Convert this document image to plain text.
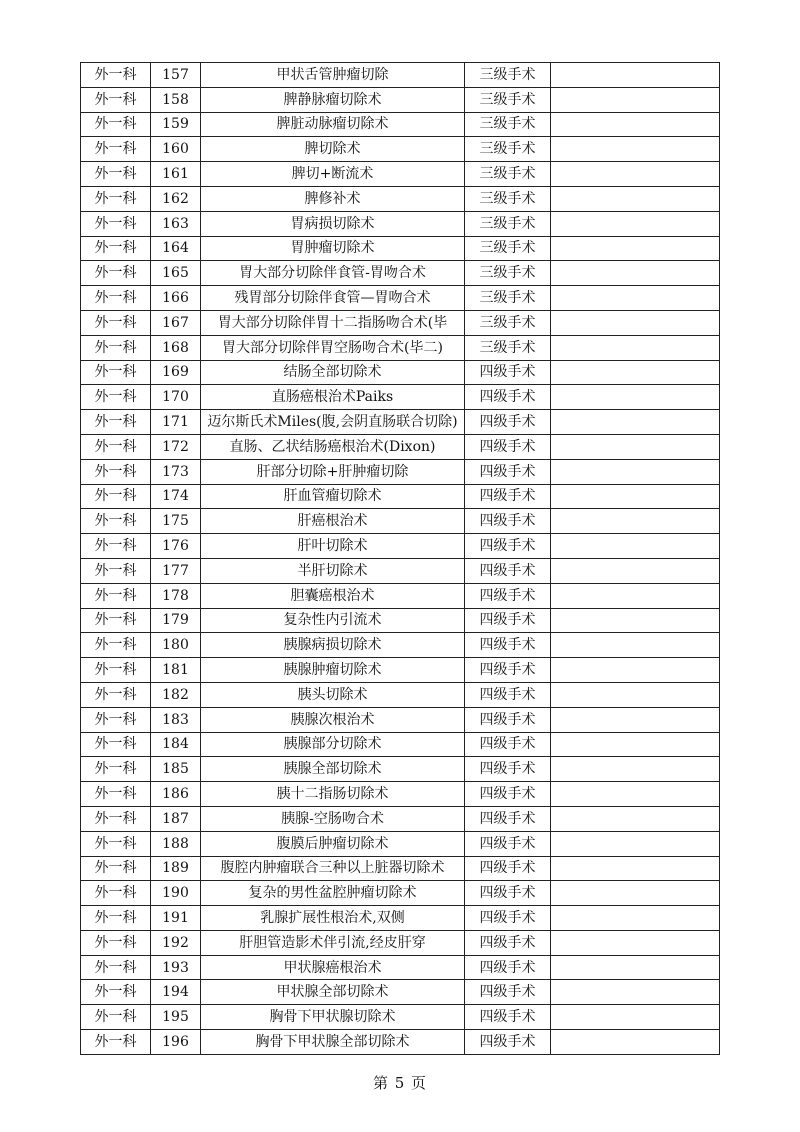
外一科	157	甲状舌管肿瘤切除	三级手术	
外一科	158	脾静脉瘤切除术	三级手术	
外一科	159	脾脏动脉瘤切除术	三级手术	
外一科	160	脾切除术	三级手术	
外一科	161	脾切+断流术	三级手术	
外一科	162	脾修补术	三级手术	
外一科	163	胃病损切除术	三级手术	
外一科	164	胃肿瘤切除术	三级手术	
外一科	165	胃大部分切除伴食管-胃吻合术	三级手术	
外一科	166	残胃部分切除伴食管—胃吻合术	三级手术	
外一科	167	胃大部分切除伴胃十二指肠吻合术(毕	三级手术	
外一科	168	胃大部分切除伴胃空肠吻合术(毕二)	三级手术	
外一科	169	结肠全部切除术	四级手术	
外一科	170	直肠癌根治术Paiks	四级手术	
外一科	171	迈尔斯氏术Miles(腹,会阴直肠联合切除)	四级手术	
外一科	172	直肠、乙状结肠癌根治术(Dixon)	四级手术	
外一科	173	肝部分切除+肝肿瘤切除	四级手术	
外一科	174	肝血管瘤切除术	四级手术	
外一科	175	肝癌根治术	四级手术	
外一科	176	肝叶切除术	四级手术	
外一科	177	半肝切除术	四级手术	
外一科	178	胆囊癌根治术	四级手术	
外一科	179	复杂性内引流术	四级手术	
外一科	180	胰腺病损切除术	四级手术	
外一科	181	胰腺肿瘤切除术	四级手术	
外一科	182	胰头切除术	四级手术	
外一科	183	胰腺次根治术	四级手术	
外一科	184	胰腺部分切除术	四级手术	
外一科	185	胰腺全部切除术	四级手术	
外一科	186	胰十二指肠切除术	四级手术	
外一科	187	胰腺-空肠吻合术	四级手术	
外一科	188	腹膜后肿瘤切除术	四级手术	
外一科	189	腹腔内肿瘤联合三种以上脏器切除术	四级手术	
外一科	190	复杂的男性盆腔肿瘤切除术	四级手术	
外一科	191	乳腺扩展性根治术,双侧	四级手术	
外一科	192	肝胆管造影术伴引流,经皮肝穿	四级手术	
外一科	193	甲状腺癌根治术	四级手术	
外一科	194	甲状腺全部切除术	四级手术	
外一科	195	胸骨下甲状腺切除术	四级手术	
外一科	196	胸骨下甲状腺全部切除术	四级手术	
第 5 页
